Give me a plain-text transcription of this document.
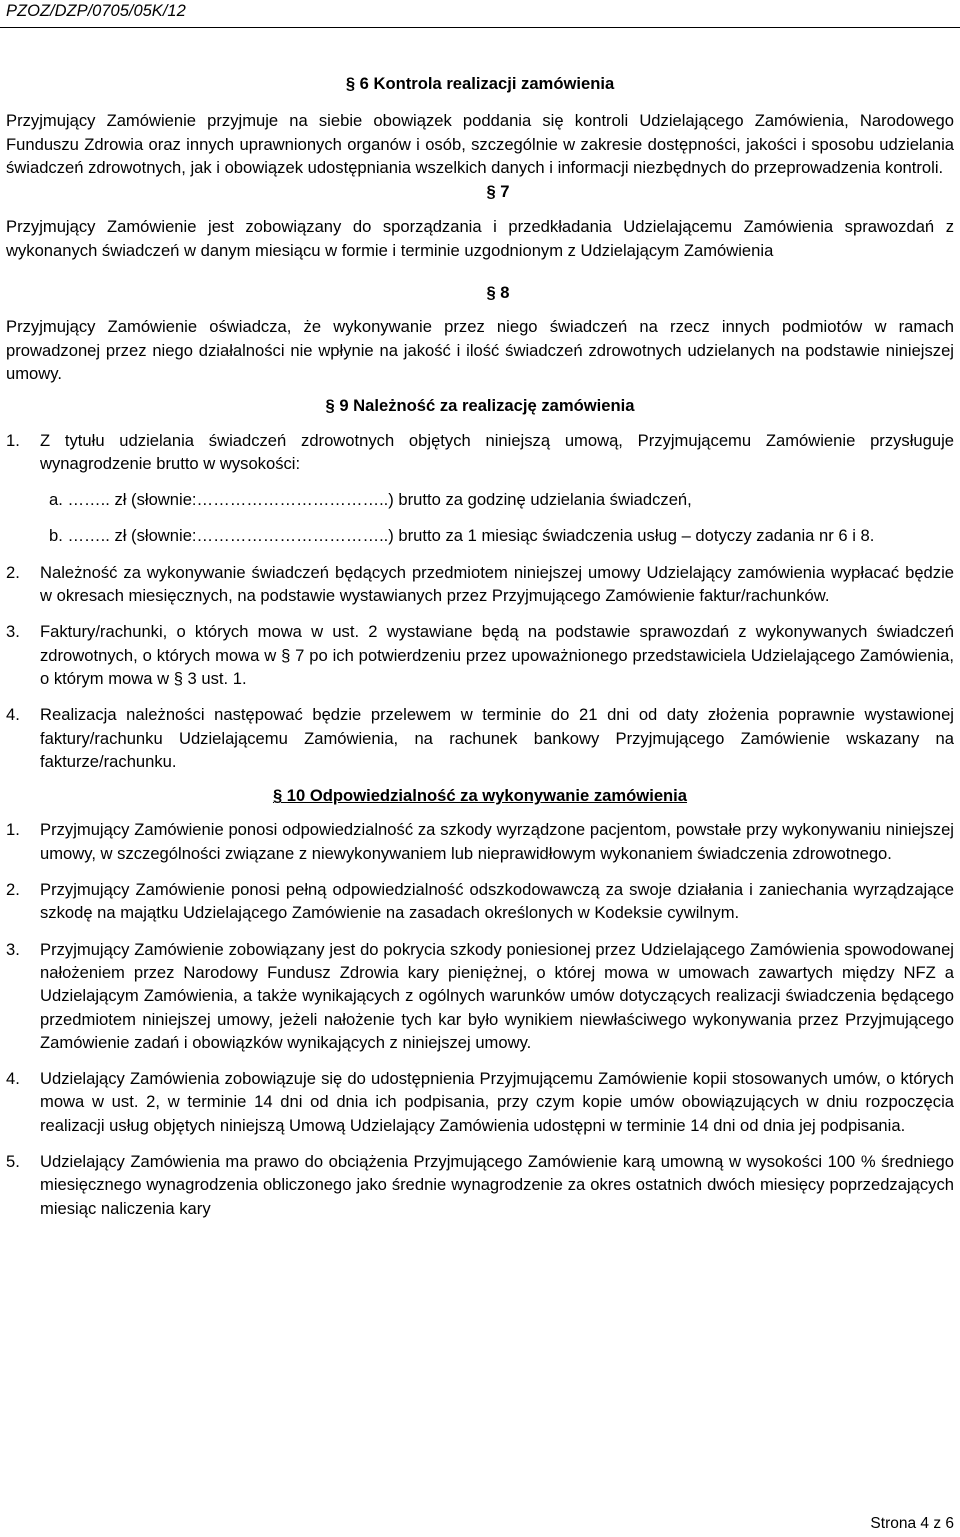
PZOZ/DZP/0705/05K/12

§ 6 Kontrola realizacji zamówienia

Przyjmujący Zamówienie przyjmuje na siebie obowiązek poddania się kontroli Udzielającego Zamówienia, Narodowego Funduszu Zdrowia oraz innych uprawnionych organów i osób, szczególnie w zakresie dostępności, jakości i sposobu udzielania świadczeń zdrowotnych, jak i obowiązek udostępniania wszelkich danych i informacji niezbędnych do przeprowadzenia kontroli.

§ 7

Przyjmujący Zamówienie jest zobowiązany do sporządzania i przedkładania Udzielającemu Zamówienia sprawozdań z wykonanych świadczeń w danym miesiącu w formie i terminie uzgodnionym z Udzielającym Zamówienia

§ 8

Przyjmujący Zamówienie oświadcza, że wykonywanie przez niego świadczeń na rzecz innych podmiotów w ramach prowadzonej przez niego działalności nie wpłynie na jakość i ilość świadczeń zdrowotnych udzielanych na podstawie niniejszej umowy.

§ 9 Należność za realizację zamówienia

1.	Z tytułu udzielania świadczeń zdrowotnych objętych niniejszą umową, Przyjmującemu Zamówienie przysługuje wynagrodzenie brutto w wysokości:
a. …….. zł (słownie:……………………………..) brutto za godzinę udzielania świadczeń,
b. …….. zł (słownie:……………………………..) brutto za 1 miesiąc świadczenia usług – dotyczy zadania nr 6 i 8.
2.	Należność za wykonywanie świadczeń będących przedmiotem niniejszej umowy Udzielający zamówienia wypłacać będzie w okresach miesięcznych, na podstawie wystawianych przez Przyjmującego Zamówienie faktur/rachunków.
3.	Faktury/rachunki, o których mowa w ust. 2 wystawiane będą na podstawie sprawozdań z wykonywanych świadczeń zdrowotnych, o których mowa w § 7 po ich potwierdzeniu przez upoważnionego przedstawiciela Udzielającego Zamówienia, o którym mowa w § 3 ust. 1.
4.	Realizacja należności następować będzie przelewem w terminie do 21 dni od daty złożenia poprawnie wystawionej faktury/rachunku Udzielającemu Zamówienia, na rachunek bankowy Przyjmującego Zamówienie wskazany na fakturze/rachunku.

§ 10 Odpowiedzialność za wykonywanie zamówienia

1.	Przyjmujący Zamówienie ponosi odpowiedzialność za szkody wyrządzone pacjentom, powstałe przy wykonywaniu niniejszej umowy, w szczególności związane z niewykonywaniem lub nieprawidłowym wykonaniem świadczenia zdrowotnego.
2.	Przyjmujący Zamówienie ponosi pełną odpowiedzialność odszkodowawczą za swoje działania i zaniechania wyrządzające szkodę na majątku Udzielającego Zamówienie na zasadach określonych w Kodeksie cywilnym.
3.	Przyjmujący Zamówienie zobowiązany jest do pokrycia szkody poniesionej przez Udzielającego Zamówienia spowodowanej nałożeniem przez Narodowy Fundusz Zdrowia kary pieniężnej, o której mowa w umowach zawartych między NFZ a Udzielającym Zamówienia, a także wynikających z ogólnych warunków umów dotyczących realizacji świadczenia będącego przedmiotem niniejszej umowy, jeżeli nałożenie tych kar było wynikiem niewłaściwego wykonywania przez Przyjmującego Zamówienie zadań i obowiązków wynikających z niniejszej umowy.
4.	Udzielający Zamówienia zobowiązuje się do udostępnienia Przyjmującemu Zamówienie kopii stosowanych umów, o których mowa w ust. 2, w terminie 14 dni od dnia ich podpisania, przy czym kopie umów obowiązujących w dniu rozpoczęcia realizacji usług objętych niniejszą Umową Udzielający Zamówienia udostępni w terminie 14 dni od dnia jej podpisania.
5.	Udzielający Zamówienia ma prawo do obciążenia Przyjmującego Zamówienie karą umowną w wysokości 100 % średniego miesięcznego wynagrodzenia obliczonego jako średnie wynagrodzenie za okres ostatnich dwóch miesięcy poprzedzających miesiąc naliczenia kary
Strona 4 z 6
